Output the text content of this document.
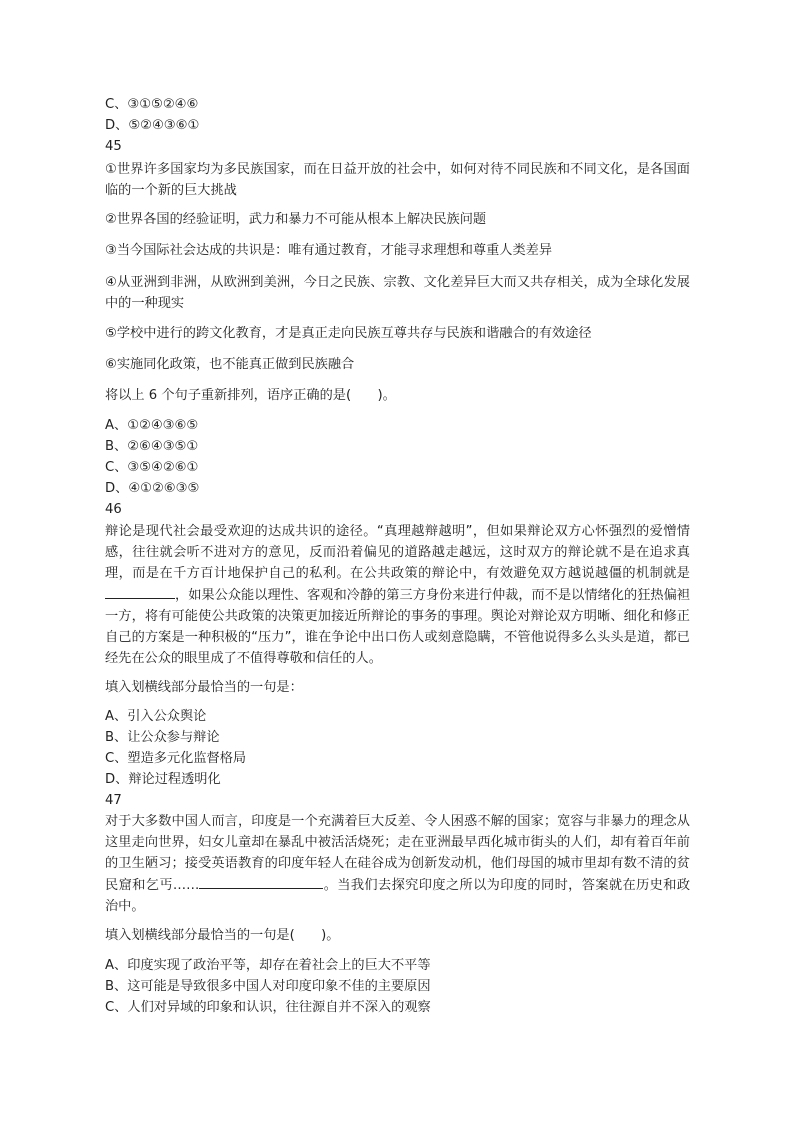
C、③①⑤②④⑥
D、⑤②④③⑥①
45
①世界许多国家均为多民族国家，而在日益开放的社会中，如何对待不同民族和不同文化，是各国面临的一个新的巨大挑战
②世界各国的经验证明，武力和暴力不可能从根本上解决民族问题
③当今国际社会达成的共识是：唯有通过教育，才能寻求理想和尊重人类差异
④从亚洲到非洲，从欧洲到美洲，今日之民族、宗教、文化差异巨大而又共存相关，成为全球化发展中的一种现实
⑤学校中进行的跨文化教育，才是真正走向民族互尊共存与民族和谐融合的有效途径
⑥实施同化政策，也不能真正做到民族融合
将以上 6 个句子重新排列，语序正确的是(　　)。
A、①②④③⑥⑤
B、②⑥④③⑤①
C、③⑤④②⑥①
D、④①②⑥③⑤
46
辩论是现代社会最受欢迎的达成共识的途径。“真理越辩越明”，但如果辩论双方心怀强烈的爱憎情感，往往就会听不进对方的意见，反而沿着偏见的道路越走越远，这时双方的辩论就不是在追求真理，而是在千方百计地保护自己的私利。在公共政策的辩论中，有效避免双方越说越僵的机制就是，如果公众能以理性、客观和冷静的第三方身份来进行仲裁，而不是以情绪化的狂热偏袒一方，将有可能使公共政策的决策更加接近所辩论的事务的事理。舆论对辩论双方明晰、细化和修正自己的方案是一种积极的“压力”，谁在争论中出口伤人或刻意隐瞒，不管他说得多么头头是道，都已经先在公众的眼里成了不值得尊敬和信任的人。
填入划横线部分最恰当的一句是：
A、引入公众舆论
B、让公众参与辩论
C、塑造多元化监督格局
D、辩论过程透明化
47
对于大多数中国人而言，印度是一个充满着巨大反差、令人困惑不解的国家；宽容与非暴力的理念从这里走向世界，妇女儿童却在暴乱中被活活烧死；走在亚洲最早西化城市街头的人们，却有着百年前的卫生陋习；接受英语教育的印度年轻人在硅谷成为创新发动机，他们母国的城市里却有数不清的贫民窟和乞丐……	。当我们去探究印度之所以为印度的同时，答案就在历史和政治中。
填入划横线部分最恰当的一句是(　　)。
A、印度实现了政治平等，却存在着社会上的巨大不平等
B、这可能是导致很多中国人对印度印象不佳的主要原因
C、人们对异域的印象和认识，往往源自并不深入的观察
